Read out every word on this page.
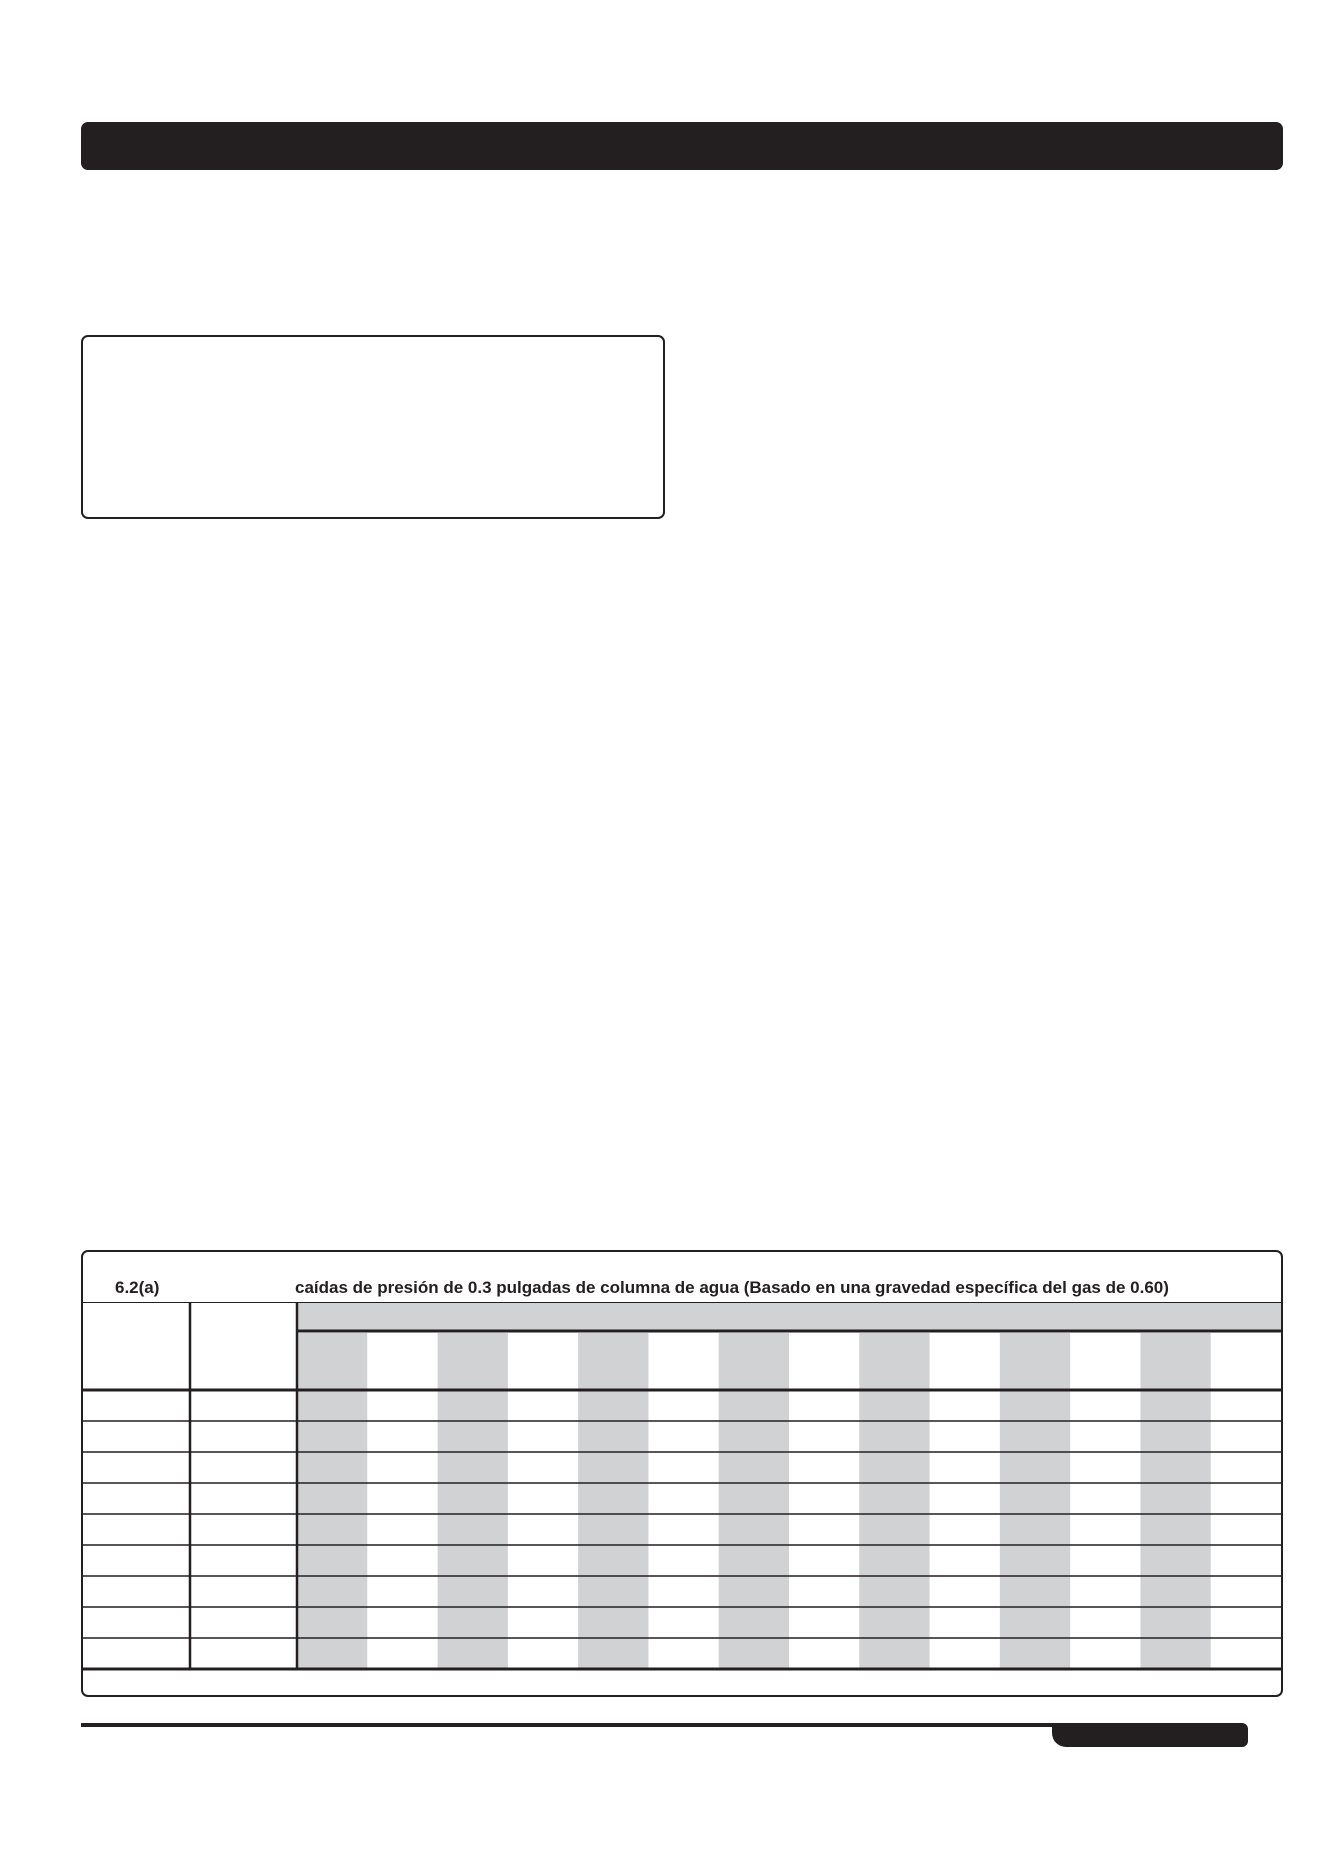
6.2(a)	caídas de presión de 0.3 pulgadas de columna de agua (Basado en una gravedad específica del gas de 0.60)
